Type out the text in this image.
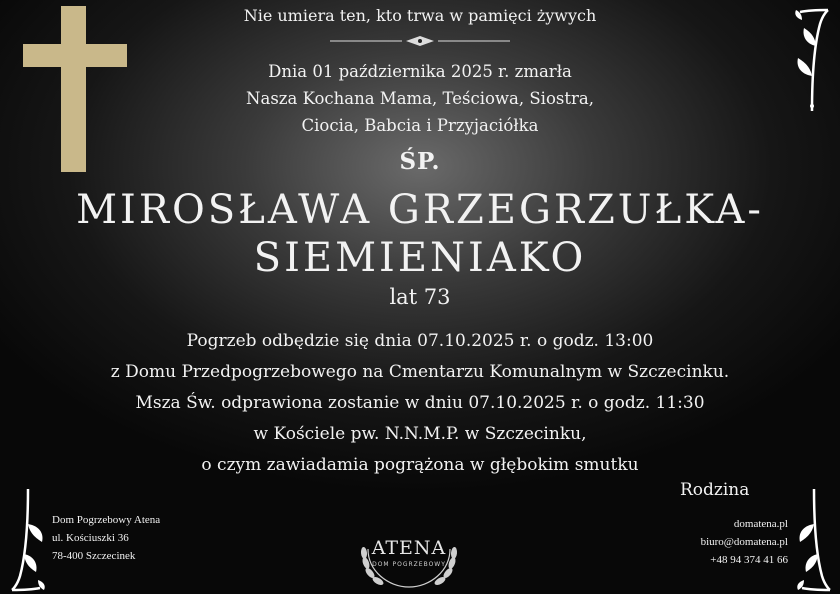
Nie umiera ten, kto trwa w pamięci żywych
Dnia 01 października 2025 r. zmarła
Nasza Kochana Mama, Teściowa, Siostra,
Ciocia, Babcia i Przyjaciółka
ŚP.
MIROSŁAWA GRZEGRZUŁKA-
SIEMIENIAKO
lat 73
Pogrzeb odbędzie się dnia 07.10.2025 r. o godz. 13:00
z Domu Przedpogrzebowego na Cmentarzu Komunalnym w Szczecinku.
Msza Św. odprawiona zostanie w dniu 07.10.2025 r. o godz. 11:30
w Kościele pw. N.N.M.P. w Szczecinku,
o czym zawiadamia pogrążona w głębokim smutku
Rodzina
Dom Pogrzebowy Atena
ul. Kościuszki 36
78-400 Szczecinek
domatena.pl
biuro@domatena.pl
+48 94 374 41 66
ATENA
DOM POGRZEBOWY
